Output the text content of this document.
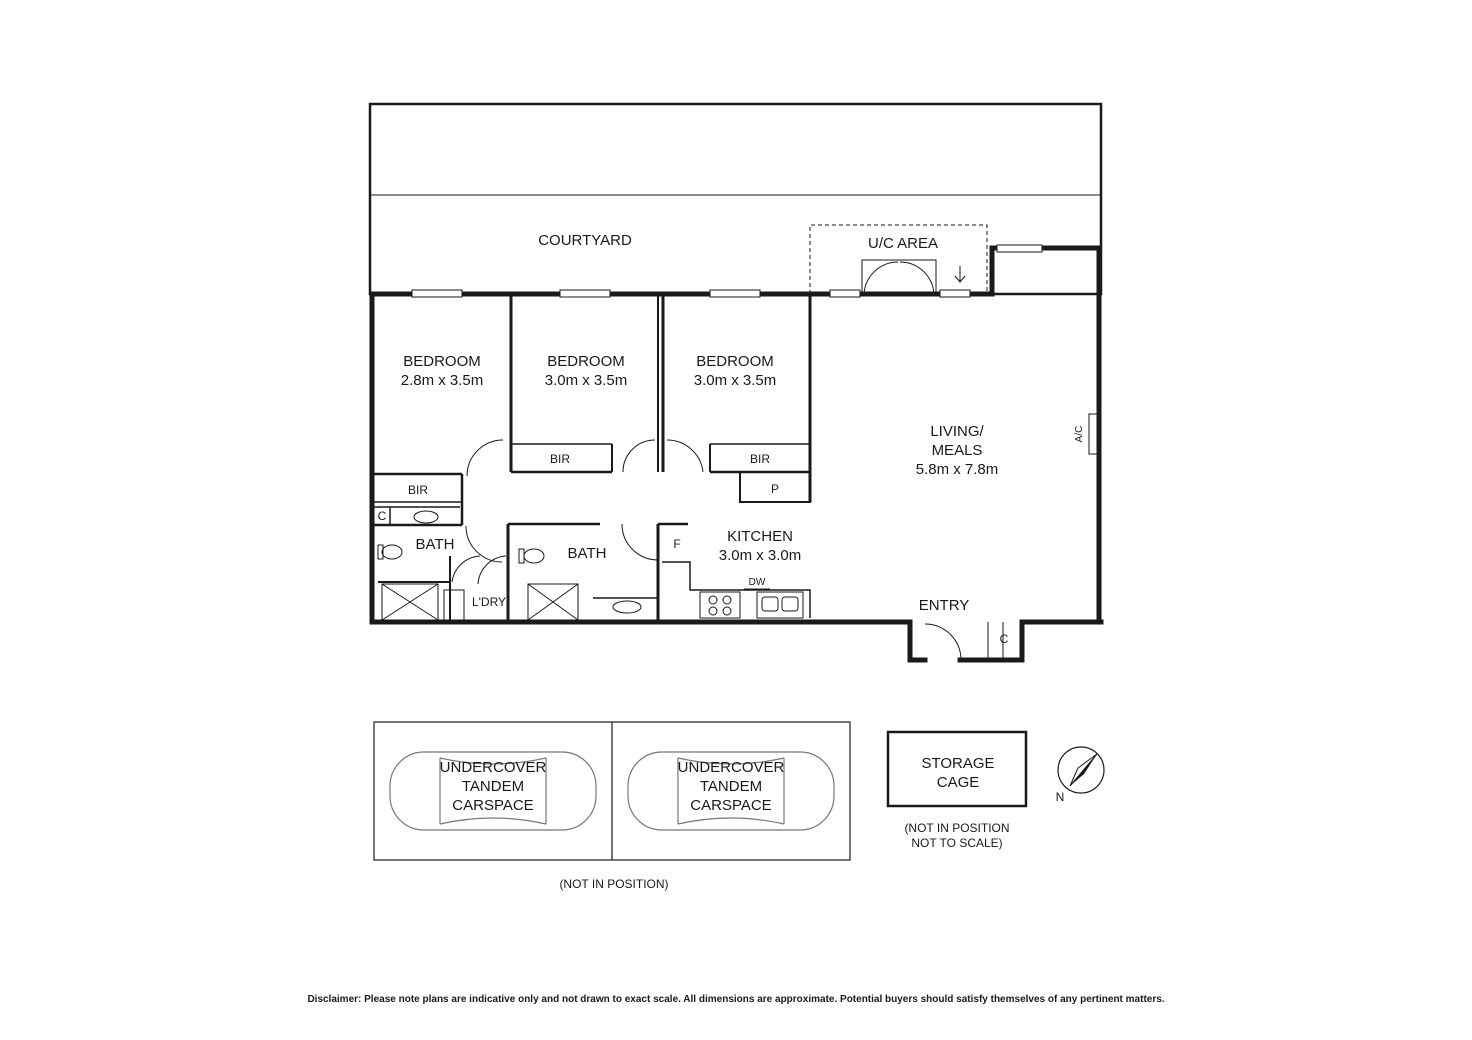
COURTYARD	U/C AREA
BEDROOM
2.8m x 3.5m
BEDROOM
3.0m x 3.5m
BEDROOM
3.0m x 3.5m
LIVING/
MEALS
5.8m x 7.8m
A/C
BIR	BIR
BIR	P
C
BATH
BATH
L'DRY
F	KITCHEN
3.0m x 3.0m
DW
ENTRY
C
UNDERCOVER
TANDEM
CARSPACE
UNDERCOVER
TANDEM
CARSPACE
(NOT IN POSITION)
STORAGE
CAGE
(NOT IN POSITION
NOT TO SCALE)
N
Disclaimer: Please note plans are indicative only and not drawn to exact scale. All dimensions are approximate. Potential buyers should satisfy themselves of any pertinent matters.
